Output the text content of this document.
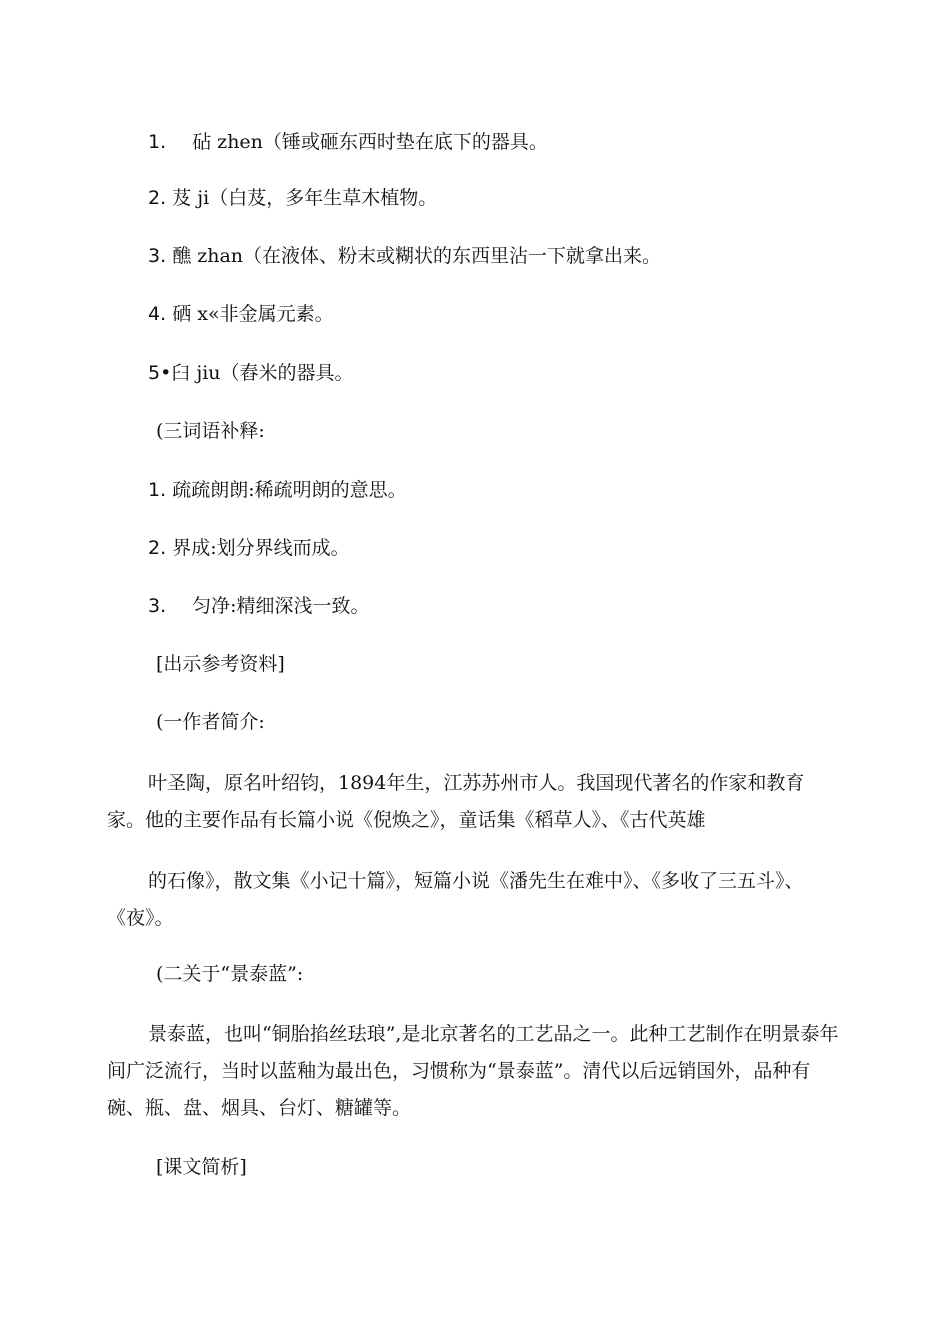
1. 砧 zhen（锤或砸东西时垫在底下的器具。
2. 芨 ji（白芨，多年生草木植物。
3. 醮 zhan（在液体、粉末或糊状的东西里沾一下就拿出来。
4. 硒 x«非金属元素。
5•臼 jiu（舂米的器具。
(三词语补释:
1. 疏疏朗朗:稀疏明朗的意思。
2. 界成:划分界线而成。
3. 匀净:精细深浅一致。
[出示参考资料]
(一作者简介:
叶圣陶，原名叶绍钧，1894年生，江苏苏州市人。我国现代著名的作家和教育家。他的主要作品有长篇小说《倪焕之》，童话集《稻草人》、《古代英雄
的石像》，散文集《小记十篇》，短篇小说《潘先生在难中》、《多收了三五斗》、《夜》。
(二关于“景泰蓝”:
景泰蓝，也叫“铜胎掐丝珐琅”,是北京著名的工艺品之一。此种工艺制作在明景泰年间广泛流行，当时以蓝釉为最出色，习惯称为“景泰蓝”。清代以后远销国外，品种有碗、瓶、盘、烟具、台灯、糖罐等。
[课文简析]
